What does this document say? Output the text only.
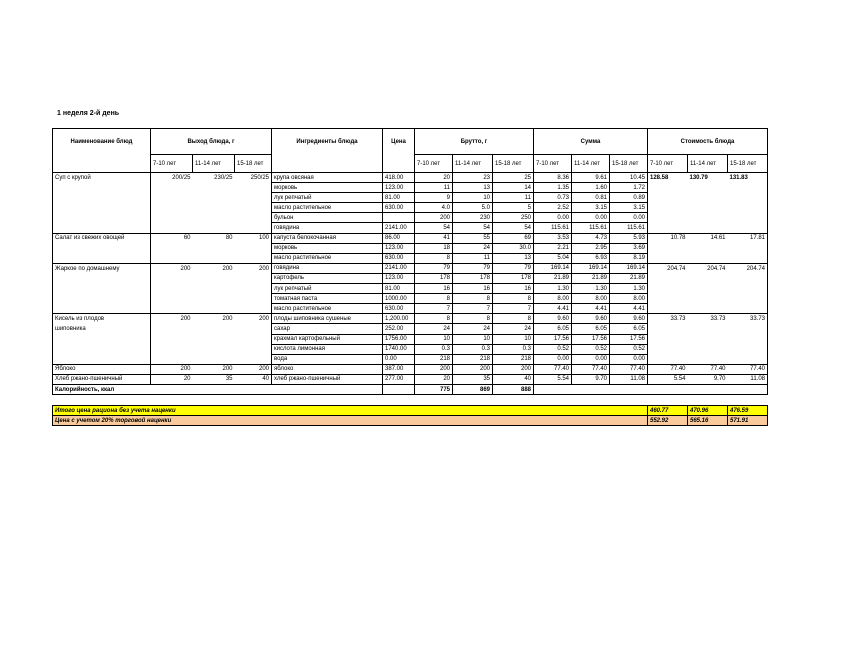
1 неделя 2-й день
Наименование блюд	Выход блюда, г			Ингредиенты блюда	Цена	Брутто, г			Сумма			Стоимость блюда		
	7-10 лет	11-14 лет	15-18 лет			7-10 лет	11-14 лет	15-18 лет	7-10 лет	11-14 лет	15-18 лет	7-10 лет	11-14 лет	15-18 лет
Суп с крупой	200/25	230/25	250/25	крупа овсяная	418.00	20	23	25	8.36	9.61	10.45	128.58	130.79	131.83
				морковь	123.00	11	13	14	1.35	1.60	1.72			
				лук репчатый	81.00	9	10	11	0.73	0.81	0.89			
				масло растительное	630.00	4.0	5.0	5	2.52	3.15	3.15			
				бульон		200	230	250	0.00	0.00	0.00			
				говядина	2141.00	54	54	54	115.61	115.61	115.61			
Салат из свежих овощей	60	80	100	капуста белокочанная	86.00	41	55	69	3.53	4.73	5.93	10.78	14.61	17.81
				морковь	123.00	18	24	30.0	2.21	2.95	3.69			
				масло растительное	630.00	8	11	13	5.04	6.93	8.19			
Жаркое по домашнему	200	200	200	говядина	2141.00	79	79	79	169.14	169.14	169.14	204.74	204.74	204.74
				картофель	123.00	178	178	178	21.89	21.89	21.89			
				лук репчатый	81.00	16	16	16	1.30	1.30	1.30			
				томатная паста	1000.00	8	8	8	8.00	8.00	8.00			
				масло растительное	630.00	7	7	7	4.41	4.41	4.41			
Кисель из плодов	200	200	200	плоды шиповника сушеные	1,200.00	8	8	8	9.60	9.60	9.60	33.73	33.73	33.73
шиповника				сахар	252.00	24	24	24	6.05	6.05	6.05			
				крахмал картофельный	1756.00	10	10	10	17.56	17.56	17.56			
				кислота лимонная	1740.00	0.3	0.3	0.3	0.52	0.52	0.52			
				вода	0.00	218	218	218	0.00	0.00	0.00			
Яблоко	200	200	200	яблоко	387.00	200	200	200	77.40	77.40	77.40	77.40	77.40	77.40
Хлеб ржано-пшеничный	20	35	40	хлеб ржано-пшеничный	277.00	20	35	40	5.54	9.70	11.08	5.54	9.70	11.08
Калорийность, ккал						775	869	888						

Итого цена рациона без учета наценки												460.77	470.96	476.59
Цена с учетом 20% торговой наценки												552.92	565.16	571.91
